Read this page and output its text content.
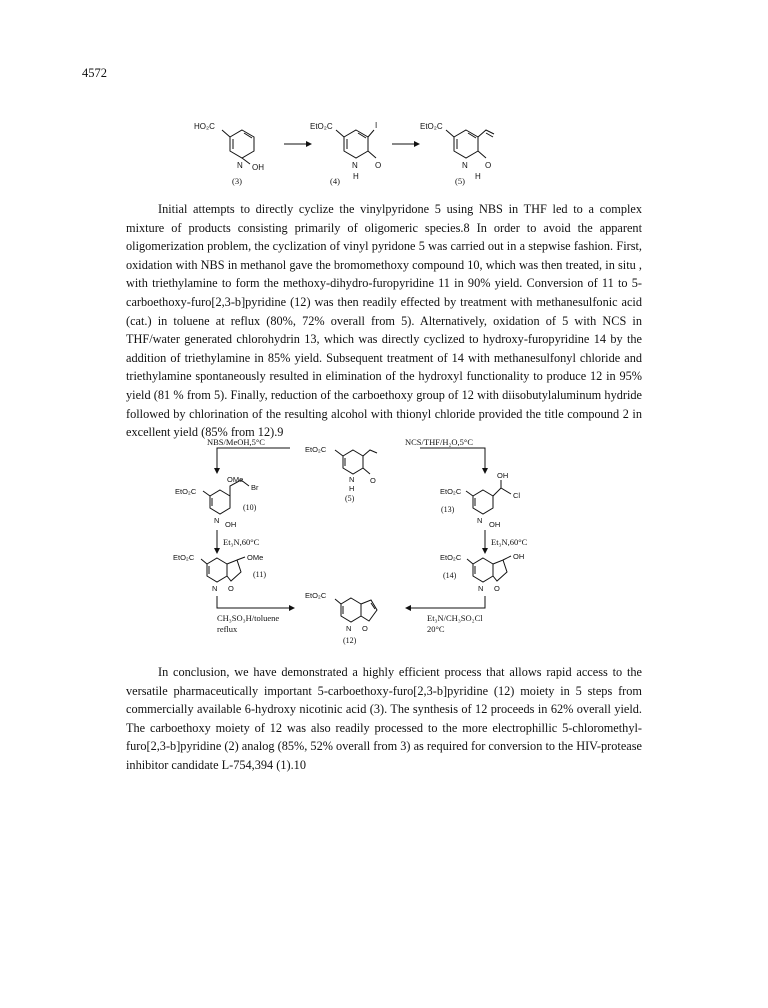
4572
HO₂C
OH
N
(3)
EtO₂C	I
N O
H
(4)
EtO₂C
N O
H
(5)

Initial attempts to directly cyclize the vinylpyridone 5 using NBS in THF led to a complex mixture of products consisting primarily of oligomeric species.8 In order to avoid the apparent oligomerization problem, the cyclization of vinyl pyridone 5 was carried out in a stepwise fashion. First, oxidation with NBS in methanol gave the bromomethoxy compound 10, which was then treated, in situ , with triethylamine to form the methoxy-dihydro-furopyridine 11 in 90% yield. Conversion of 11 to 5-carboethoxy-furo[2,3-b]pyridine (12) was then readily effected by treatment with methanesulfonic acid (cat.) in toluene at reflux (80%, 72% overall from 5). Alternatively, oxidation of 5 with NCS in THF/water generated chlorohydrin 13, which was directly cyclized to hydroxy-furopyridine 14 by the addition of triethylamine in 85% yield. Subsequent treatment of 14 with methanesulfonyl chloride and triethylamine spontaneously resulted in elimination of the hydroxyl functionality to produce 12 in 95% yield (81 % from 5). Finally, reduction of the carboethoxy group of 12 with diisobutylaluminum hydride followed by chlorination of the resulting alcohol with thionyl chloride provided the title compound 2 in excellent yield (85% from 12).9

NBS/MeOH,5°C	NCS/THF/H₂O,5°C
EtO₂C
N O
H
(5)
EtO₂C
OMe
Br
N OH
(10)
EtO₂C
OH
Cl
N OH
(13)
Et₃N,60°C	Et₃N,60°C
EtO₂C	OMe
N O
(11)
EtO₂C	OH
N O
(14)
CH₃SO₃H/toluene
reflux
Et₃N/CH₃SO₂Cl
20°C
EtO₂C
N O
(12)

In conclusion, we have demonstrated a highly efficient process that allows rapid access to the versatile pharmaceutically important 5-carboethoxy-furo[2,3-b]pyridine (12) moiety in 5 steps from commercially available 6-hydroxy nicotinic acid (3). The synthesis of 12 proceeds in 62% overall yield. The carboethoxy moiety of 12 was also readily processed to the more electrophillic 5-chloromethyl-furo[2,3-b]pyridine (2) analog (85%, 52% overall from 3) as required for conversion to the HIV-protease inhibitor candidate L-754,394 (1).10
